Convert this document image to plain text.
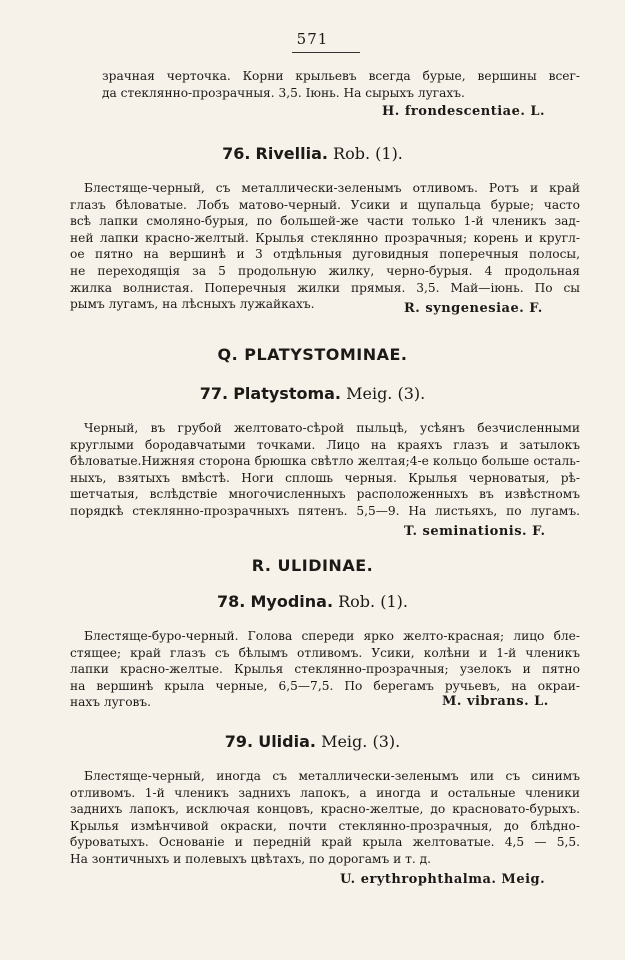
571
зрачная черточка. Корни крыльевъ всегда бурые, вершины всег-
да стеклянно-прозрачныя. 3,5. Іюнь. На сырыхъ лугахъ.
H. frondescentiae. L.
76. Rivellia. Rob. (1).
Блестяще-черный, съ металлически-зеленымъ отливомъ. Ротъ и край
глазъ бѣловатые. Лобъ матово-черный. Усики и щупальца бурые; часто
всѣ лапки смоляно-бурыя, по большей-же части только 1-й членикъ зад-
ней лапки красно-желтый. Крылья стеклянно прозрачныя; корень и кругл-
ое пятно на вершинѣ и 3 отдѣльныя дуговидныя поперечныя полосы,
не переходящія за 5 продольную жилку, черно-бурыя. 4 продольная
жилка волнистая. Поперечныя жилки прямыя. 3,5. Май—іюнь. По сы
рымъ лугамъ, на лѣсныхъ лужайкахъ.	R. syngenesiae. F.
Q. PLATYSTOMINAE.
77. Platystoma. Meig. (3).
Черный, въ грубой желтовато-сѣрой пыльцѣ, усѣянъ безчисленными
круглыми бородавчатыми точками. Лицо на краяхъ глазъ и затылокъ
бѣловатые.Нижняя сторона брюшка свѣтло желтая;4-е кольцо больше осталь-
ныхъ, взятыхъ вмѣстѣ. Ноги сплошь черныя. Крылья черноватыя, рѣ-
шетчатыя, вслѣдствіе многочисленныхъ расположенныхъ въ извѣстномъ
порядкѣ стеклянно-прозрачныхъ пятенъ. 5,5—9. На листьяхъ, по лугамъ.
T. seminationis. F.
R. ULIDINAE.
78. Myodina. Rob. (1).
Блестяще-буро-черный. Голова спереди ярко желто-красная; лицо бле-
стящее; край глазъ съ бѣлымъ отливомъ. Усики, колѣни и 1-й членикъ
лапки красно-желтые. Крылья стеклянно-прозрачныя; узелокъ и пятно
на вершинѣ крыла черные, 6,5—7,5. По берегамъ ручьевъ, на окраи-
нахъ луговъ.	M. vibrans. L.
79. Ulidia. Meig. (3).
Блестяще-черный, иногда съ металлически-зеленымъ или съ синимъ
отливомъ. 1-й членикъ заднихъ лапокъ, а иногда и остальные членики
заднихъ лапокъ, исключая концовъ, красно-желтые, до красновато-бурыхъ.
Крылья измѣнчивой окраски, почти стеклянно-прозрачныя, до блѣдно-
буроватыхъ. Основаніе и передній край крыла желтоватые. 4,5 — 5,5.
На зонтичныхъ и полевыхъ цвѣтахъ, по дорогамъ и т. д.
U. erythrophthalma. Meig.
